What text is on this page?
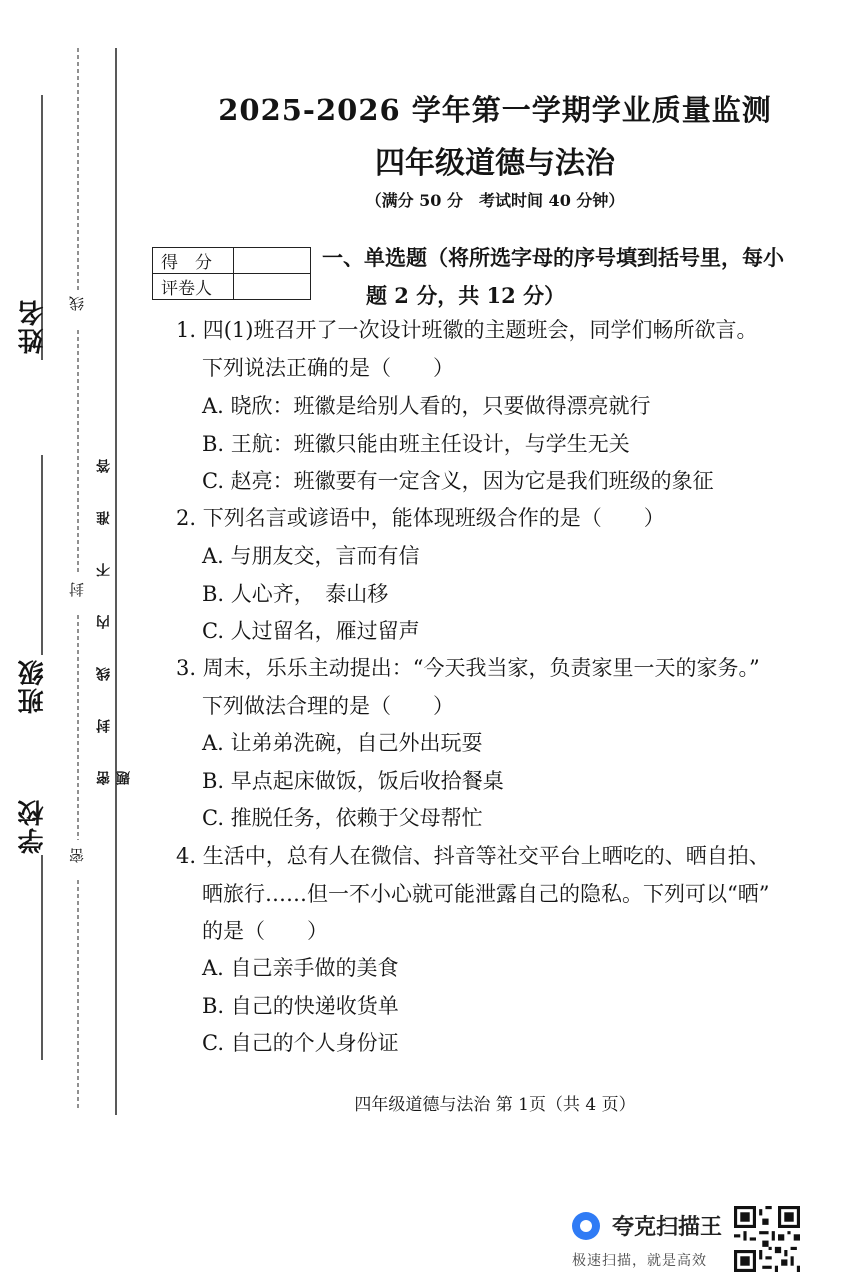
姓名
班级
学校
线
封
密
密封线内不准答题
2025-2026 学年第一学期学业质量监测
四年级道德与法治
（满分 50 分　考试时间 40 分钟）
得　分	
评卷人	
一、单选题（将所选字母的序号填到括号里，每小
题 2 分，共 12 分）
1. 四(1)班召开了一次设计班徽的主题班会，同学们畅所欲言。
下列说法正确的是（　　）
A. 晓欣：班徽是给别人看的，只要做得漂亮就行
B. 王航：班徽只能由班主任设计，与学生无关
C. 赵亮：班徽要有一定含义，因为它是我们班级的象征
2. 下列名言或谚语中，能体现班级合作的是（　　）
A. 与朋友交，言而有信
B. 人心齐，　泰山移
C. 人过留名，雁过留声
3. 周末，乐乐主动提出：“今天我当家，负责家里一天的家务。”
下列做法合理的是（　　）
A. 让弟弟洗碗，自己外出玩耍
B. 早点起床做饭，饭后收拾餐桌
C. 推脱任务，依赖于父母帮忙
4. 生活中，总有人在微信、抖音等社交平台上晒吃的、晒自拍、
晒旅行……但一不小心就可能泄露自己的隐私。下列可以“晒”
的是（　　）
A. 自己亲手做的美食
B. 自己的快递收货单
C. 自己的个人身份证
四年级道德与法治 第 1页（共 4 页）
夸克扫描王
极速扫描，就是高效
